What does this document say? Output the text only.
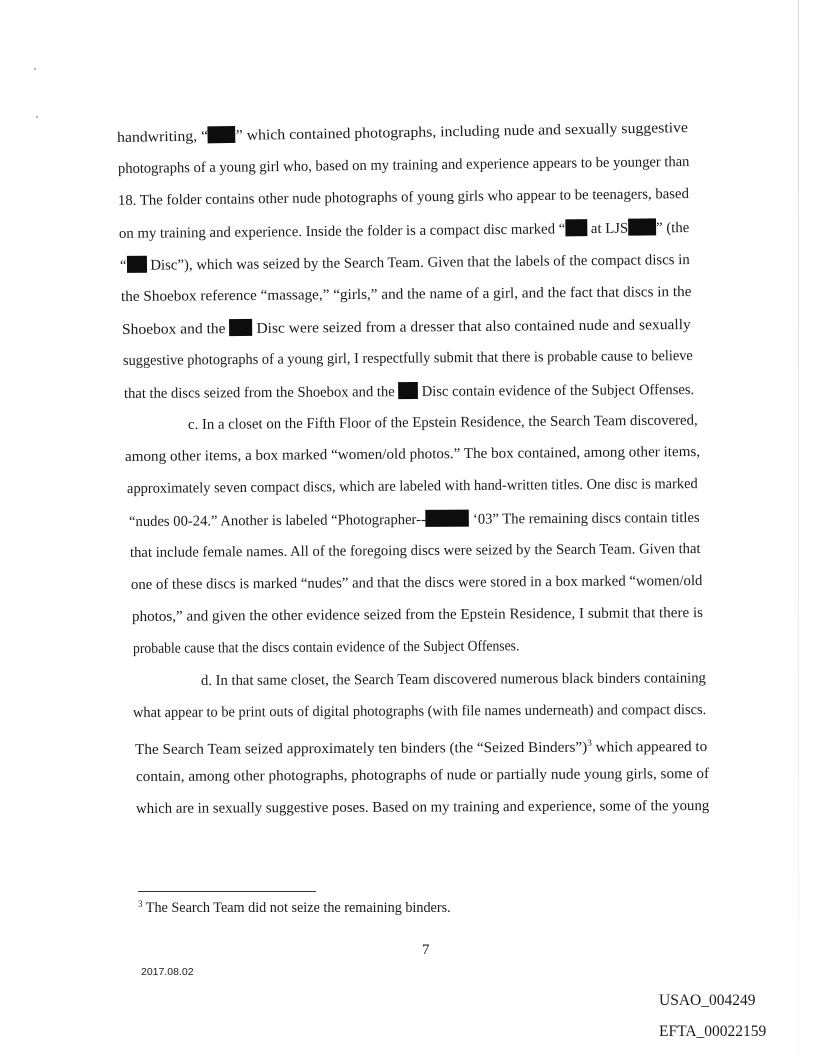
handwriting, “ ” which contained photographs, including nude and sexually suggestive
photographs of a young girl who, based on my training and experience appears to be younger than
18. The folder contains other nude photographs of young girls who appear to be teenagers, based
on my training and experience. Inside the folder is a compact disc marked “ at LJS ” (the
“ Disc”), which was seized by the Search Team. Given that the labels of the compact discs in
the Shoebox reference “massage,” “girls,” and the name of a girl, and the fact that discs in the
Shoebox and the  Disc were seized from a dresser that also contained nude and sexually
suggestive photographs of a young girl, I respectfully submit that there is probable cause to believe
that the discs seized from the Shoebox and the  Disc contain evidence of the Subject Offenses.
c. In a closet on the Fifth Floor of the Epstein Residence, the Search Team discovered,
among other items, a box marked “women/old photos.” The box contained, among other items,
approximately seven compact discs, which are labeled with hand-written titles. One disc is marked
“nudes 00-24.” Another is labeled “Photographer--	‘03” The remaining discs contain titles
that include female names. All of the foregoing discs were seized by the Search Team. Given that
one of these discs is marked “nudes” and that the discs were stored in a box marked “women/old
photos,” and given the other evidence seized from the Epstein Residence, I submit that there is
probable cause that the discs contain evidence of the Subject Offenses.
d. In that same closet, the Search Team discovered numerous black binders containing
what appear to be print outs of digital photographs (with file names underneath) and compact discs.
The Search Team seized approximately ten binders (the “Seized Binders”)$^3$ which appeared to
contain, among other photographs, photographs of nude or partially nude young girls, some of
which are in sexually suggestive poses. Based on my training and experience, some of the young
$^3$ The Search Team did not seize the remaining binders.
7
2017.08.02
USAO_004249
EFTA_00022159
